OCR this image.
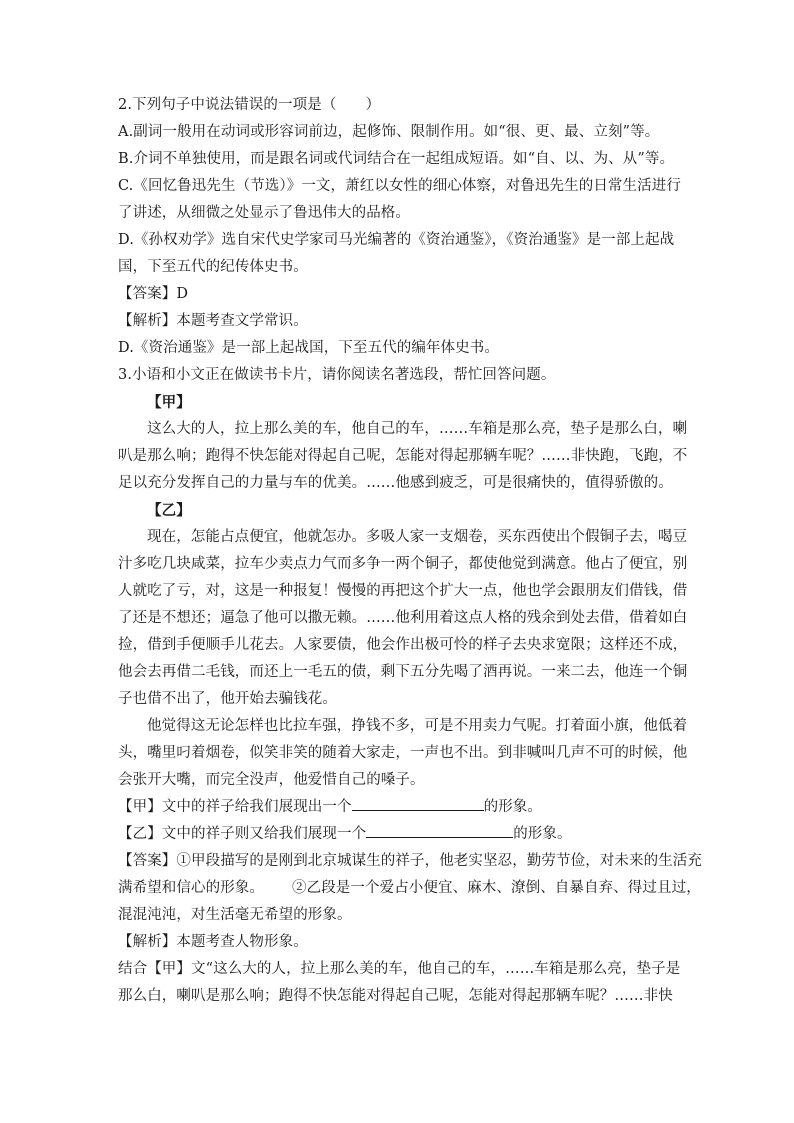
2.下列句子中说法错误的一项是（　　）
A.副词一般用在动词或形容词前边，起修饰、限制作用。如“很、更、最、立刻”等。
B.介词不单独使用，而是跟名词或代词结合在一起组成短语。如“自、以、为、从”等。
C.《回忆鲁迅先生（节选）》一文，萧红以女性的细心体察，对鲁迅先生的日常生活进行
了讲述，从细微之处显示了鲁迅伟大的品格。
D.《孙权劝学》选自宋代史学家司马光编著的《资治通鉴》，《资治通鉴》是一部上起战
国，下至五代的纪传体史书。
【答案】D
【解析】本题考查文学常识。
D.《资治通鉴》是一部上起战国，下至五代的编年体史书。
3.小语和小文正在做读书卡片，请你阅读名著选段，帮忙回答问题。
【甲】
这么大的人，拉上那么美的车，他自己的车，……车箱是那么亮，垫子是那么白，喇
叭是那么响；跑得不快怎能对得起自己呢，怎能对得起那辆车呢？……非快跑，飞跑，不
足以充分发挥自己的力量与车的优美。……他感到疲乏，可是很痛快的，值得骄傲的。
【乙】
现在，怎能占点便宜，他就怎办。多吸人家一支烟卷，买东西使出个假铜子去，喝豆
汁多吃几块咸菜，拉车少卖点力气而多争一两个铜子，都使他觉到满意。他占了便宜，别
人就吃了亏，对，这是一种报复！慢慢的再把这个扩大一点，他也学会跟朋友们借钱，借
了还是不想还；逼急了他可以撒无赖。……他利用着这点人格的残余到处去借，借着如白
捡，借到手便顺手儿花去。人家要债，他会作出极可怜的样子去央求宽限；这样还不成，
他会去再借二毛钱，而还上一毛五的债，剩下五分先喝了酒再说。一来二去，他连一个铜
子也借不出了，他开始去骗钱花。
他觉得这无论怎样也比拉车强，挣钱不多，可是不用卖力气呢。打着面小旗，他低着
头，嘴里叼着烟卷，似笑非笑的随着大家走，一声也不出。到非喊叫几声不可的时候，他
会张开大嘴，而完全没声，他爱惜自己的嗓子。
【甲】文中的祥子给我们展现出一个	的形象。
【乙】文中的祥子则又给我们展现一个	的形象。
【答案】①甲段描写的是刚到北京城谋生的祥子，他老实坚忍，勤劳节俭，对未来的生活充
满希望和信心的形象。 ②乙段是一个爱占小便宜、麻木、潦倒、自暴自弃、得过且过，
混混沌沌，对生活毫无希望的形象。
【解析】本题考查人物形象。
结合【甲】文“这么大的人，拉上那么美的车，他自己的车，……车箱是那么亮，垫子是
那么白，喇叭是那么响；跑得不快怎能对得起自己呢，怎能对得起那辆车呢？……非快
